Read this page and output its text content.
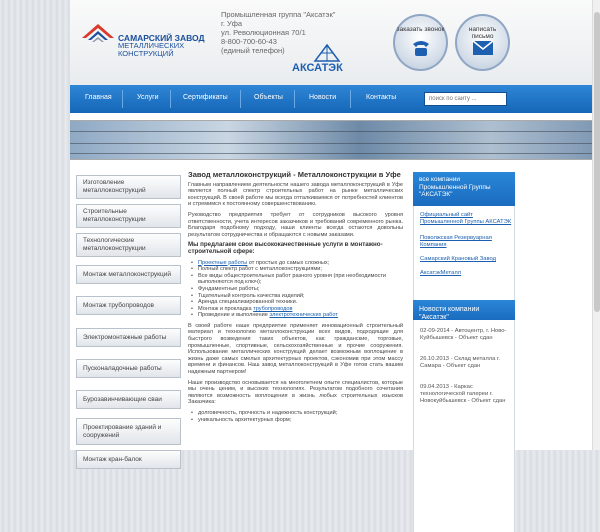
САМАРСКИЙ ЗАВОД
МЕТАЛЛИЧЕСКИХ
КОНСТРУКЦИЙ
Промышленная группа "Аксатэк"
г. Уфа
ул. Революционная 70/1
8-800-700-60-43
(единый телефон)
АКСАТЭК
заказать звонок	написать письмо
Главная	Услуги	Сертификаты	Объекты	Новости	Контакты
поиск по сайту ...
Изготовление металлоконструкций
Строительные металлоконструкции
Технологические металлоконструкции
Монтаж металлоконструкций
Монтаж трубопроводов
Электромонтажные работы
Пусконаладочные работы
Бурозавинчивающие сваи
Проектирование зданий и сооружений
Монтаж кран-балок
Завод металлоконструкций - Металлоконструкции в Уфе

Главным направлением деятельности нашего завода металлоконструкций в Уфе является полный спектр строительных работ на рынке металлических конструкций. В своей работе мы всегда отталкиваемся от потребностей клиентов и стремимся к постоянному совершенствованию.

Руководство предприятия требует от сотрудников высокого уровня ответственности, учета интересов заказчиков и требований современного рынка. Благодаря подобному подходу, наши клиенты всегда остаются довольны результатом сотрудничества и обращаются с новыми заказами.

Мы предлагаем свои высококачественные услуги в монтажно-строительной сфере:
• Проектные работы от простых до самых сложных;
• Полный спектр работ с металлоконструкциями;
• Все виды общестроительных работ разного уровня (при необходимости выполняются под ключ);
• Фундаментные работы;
• Тщательный контроль качества изделий;
• Аренда специализированной техники.
• Монтаж и прокладка трубопроводов
• Проведение и выполнение электротехнических работ

В своей работе наше предприятие применяет инновационный строительный материал и технологию металлоконструкции всех видов, подходящие для быстрого возведения таких объектов, как: гражданские, торговые, промышленные, спортивные, сельскохозяйственные и прочие сооружения. Использование металлических конструкций делает возможным воплощение в жизнь даже самых смелых архитектурных проектов, сэкономив при этом массу времени и финансов. Наш завод металлоконструкций в Уфе готов стать вашим надежным партнером!

Наше производство основывается на многолетнем опыте специалистов, которые мы очень ценим, и высоких технологиях. Результатом подобного сочетания являются возможность воплощения в жизнь любых строительных изысков Заказчика:

• долговечность, прочность и надежность конструкций;
• уникальность архитектурных форм;
все компании Промышленной Группы "АКСАТЭК"
Официальный сайт Промышленной Группы АКСАТЭК
Поволжская Резервуарная Компания
Самарский Крановый Завод
АксатэкМеталл
Новости компании "Аксатэк"
02-09-2014 - Автоцентр, г. Ново-Куйбышевск - Объект сдан
26.10.2013 - Склад металла г. Самара - Объект сдан
09.04.2013 - Каркас технологической галереи г. Новокуйбышевск - Объект сдан
